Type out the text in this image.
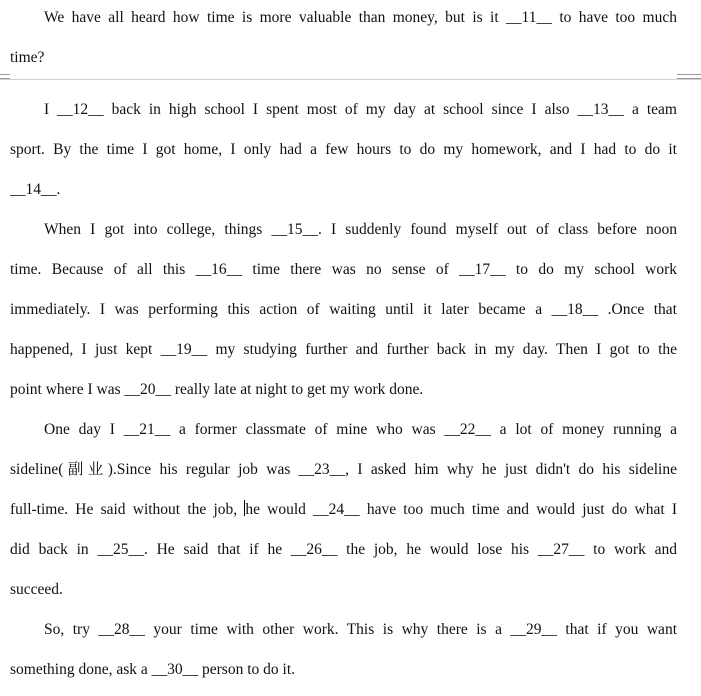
We have all heard how time is more valuable than money, but is it __11__ to have too much
time?
I __12__ back in high school I spent most of my day at school since I also __13__ a team
sport. By the time I got home, I only had a few hours to do my homework, and I had to do it
__14__.
When I got into college, things __15__. I suddenly found myself out of class before noon
time. Because of all this __16__ time there was no sense of __17__ to do my school work
immediately. I was performing this action of waiting until it later became a __18__ .Once that
happened, I just kept __19__ my studying further and further back in my day. Then I got to the
point where I was __20__ really late at night to get my work done.
One day I __21__ a former classmate of mine who was __22__ a lot of money running a
sideline(副业).Since his regular job was __23__, I asked him why he just didn't do his sideline
full-time. He said without the job, he would __24__ have too much time and would just do what I
did back in __25__. He said that if he __26__ the job, he would lose his __27__ to work and
succeed.
So, try __28__ your time with other work. This is why there is a __29__ that if you want
something done, ask a __30__ person to do it.
